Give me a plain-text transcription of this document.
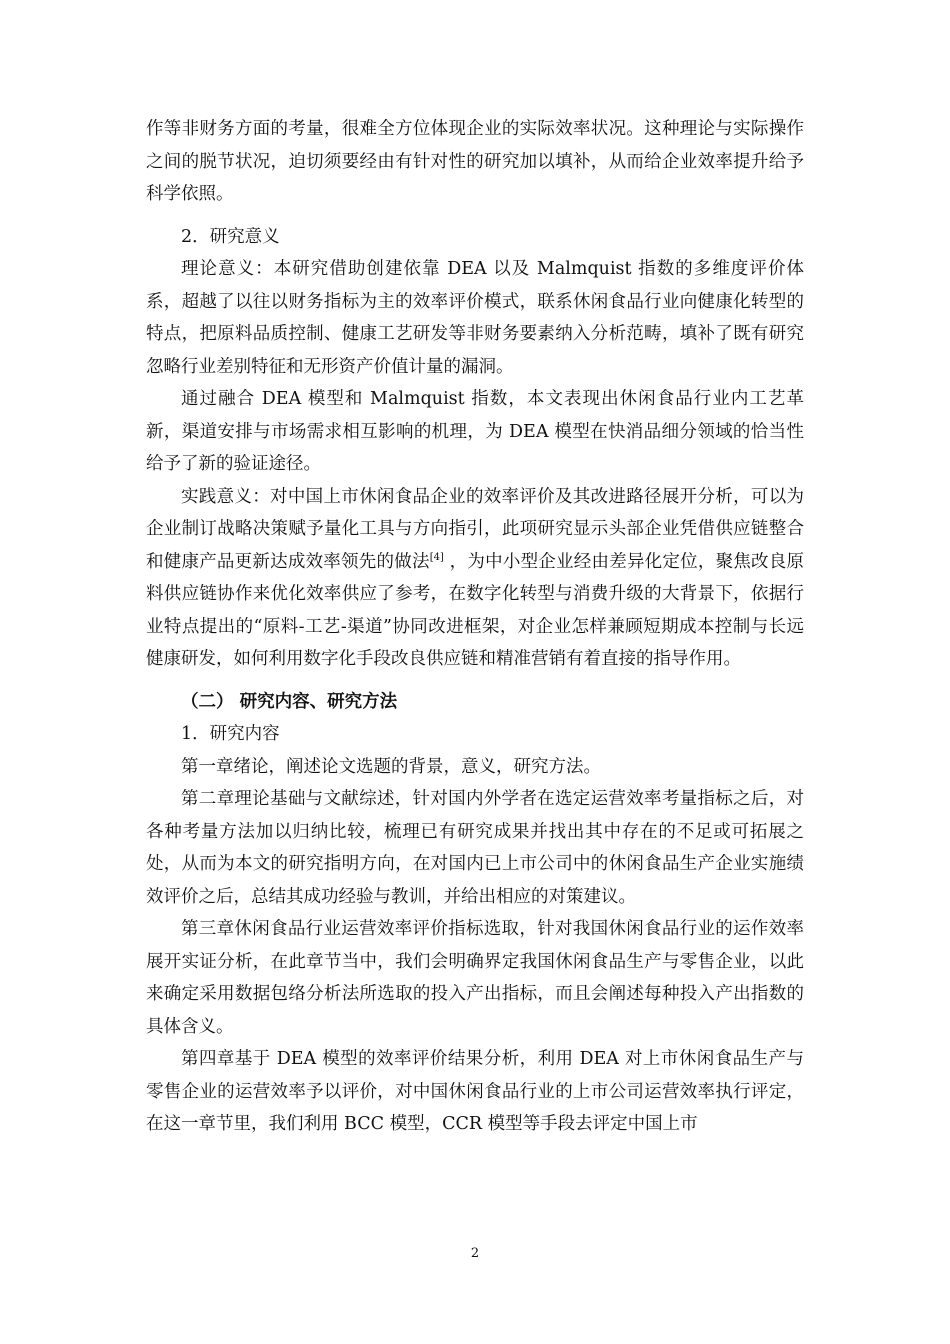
作等非财务方面的考量，很难全方位体现企业的实际效率状况。这种理论与实际操作之间的脱节状况，迫切须要经由有针对性的研究加以填补，从而给企业效率提升给予科学依照。

2．研究意义

理论意义：本研究借助创建依靠 DEA 以及 Malmquist 指数的多维度评价体系，超越了以往以财务指标为主的效率评价模式，联系休闲食品行业向健康化转型的特点，把原料品质控制、健康工艺研发等非财务要素纳入分析范畴，填补了既有研究忽略行业差别特征和无形资产价值计量的漏洞。

通过融合 DEA 模型和 Malmquist 指数，本文表现出休闲食品行业内工艺革新，渠道安排与市场需求相互影响的机理，为 DEA 模型在快消品细分领域的恰当性给予了新的验证途径。

实践意义：对中国上市休闲食品企业的效率评价及其改进路径展开分析，可以为企业制订战略决策赋予量化工具与方向指引，此项研究显示头部企业凭借供应链整合和健康产品更新达成效率领先的做法[4] ，为中小型企业经由差异化定位，聚焦改良原料供应链协作来优化效率供应了参考，在数字化转型与消费升级的大背景下，依据行业特点提出的“原料-工艺-渠道”协同改进框架，对企业怎样兼顾短期成本控制与长远健康研发，如何利用数字化手段改良供应链和精准营销有着直接的指导作用。

（二） 研究内容、研究方法

1．研究内容

第一章绪论，阐述论文选题的背景，意义，研究方法。

第二章理论基础与文献综述，针对国内外学者在选定运营效率考量指标之后，对各种考量方法加以归纳比较，梳理已有研究成果并找出其中存在的不足或可拓展之处，从而为本文的研究指明方向，在对国内已上市公司中的休闲食品生产企业实施绩效评价之后，总结其成功经验与教训，并给出相应的对策建议。

第三章休闲食品行业运营效率评价指标选取，针对我国休闲食品行业的运作效率展开实证分析，在此章节当中，我们会明确界定我国休闲食品生产与零售企业，以此来确定采用数据包络分析法所选取的投入产出指标，而且会阐述每种投入产出指数的具体含义。

第四章基于 DEA 模型的效率评价结果分析，利用 DEA 对上市休闲食品生产与零售企业的运营效率予以评价，对中国休闲食品行业的上市公司运营效率执行评定，在这一章节里，我们利用 BCC 模型，CCR 模型等手段去评定中国上市

2
